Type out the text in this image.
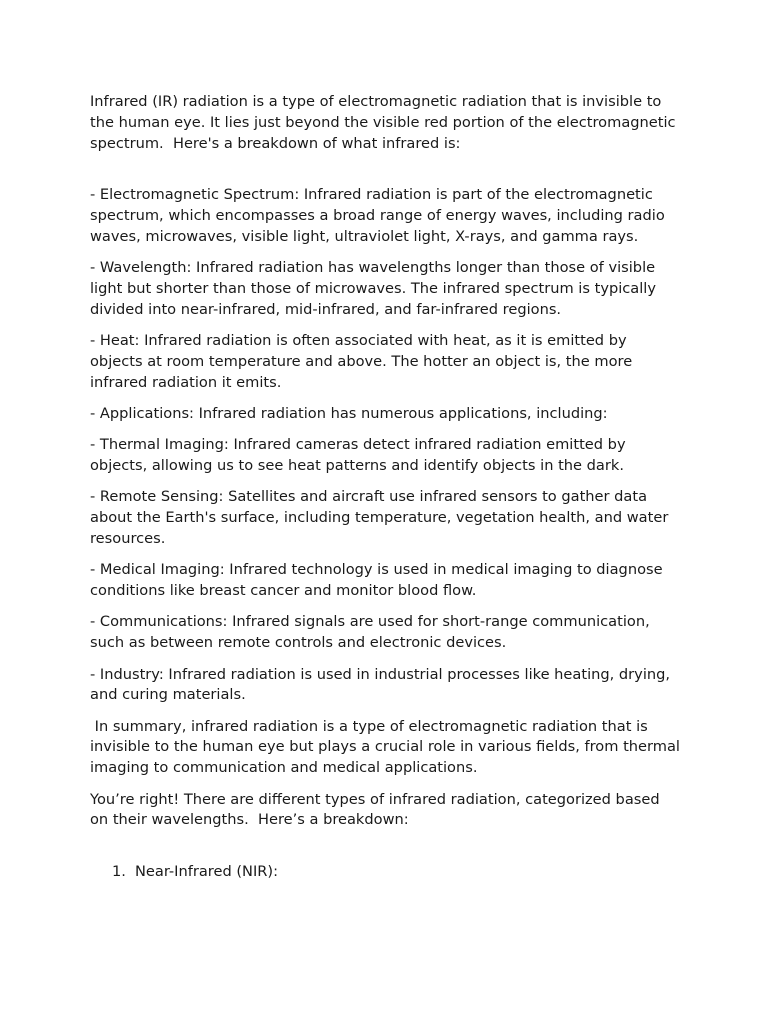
Infrared (IR) radiation is a type of electromagnetic radiation that is invisible to the human eye. It lies just beyond the visible red portion of the electromagnetic spectrum.  Here's a breakdown of what infrared is:

- Electromagnetic Spectrum: Infrared radiation is part of the electromagnetic spectrum, which encompasses a broad range of energy waves, including radio waves, microwaves, visible light, ultraviolet light, X-rays, and gamma rays.

- Wavelength: Infrared radiation has wavelengths longer than those of visible light but shorter than those of microwaves. The infrared spectrum is typically divided into near-infrared, mid-infrared, and far-infrared regions.

- Heat: Infrared radiation is often associated with heat, as it is emitted by objects at room temperature and above. The hotter an object is, the more infrared radiation it emits.

- Applications: Infrared radiation has numerous applications, including:

- Thermal Imaging: Infrared cameras detect infrared radiation emitted by objects, allowing us to see heat patterns and identify objects in the dark.

- Remote Sensing: Satellites and aircraft use infrared sensors to gather data about the Earth's surface, including temperature, vegetation health, and water resources.

- Medical Imaging: Infrared technology is used in medical imaging to diagnose conditions like breast cancer and monitor blood flow.

- Communications: Infrared signals are used for short-range communication, such as between remote controls and electronic devices.

- Industry: Infrared radiation is used in industrial processes like heating, drying, and curing materials.

In summary, infrared radiation is a type of electromagnetic radiation that is invisible to the human eye but plays a crucial role in various fields, from thermal imaging to communication and medical applications.

You’re right! There are different types of infrared radiation, categorized based on their wavelengths.  Here’s a breakdown:

1. Near-Infrared (NIR):
